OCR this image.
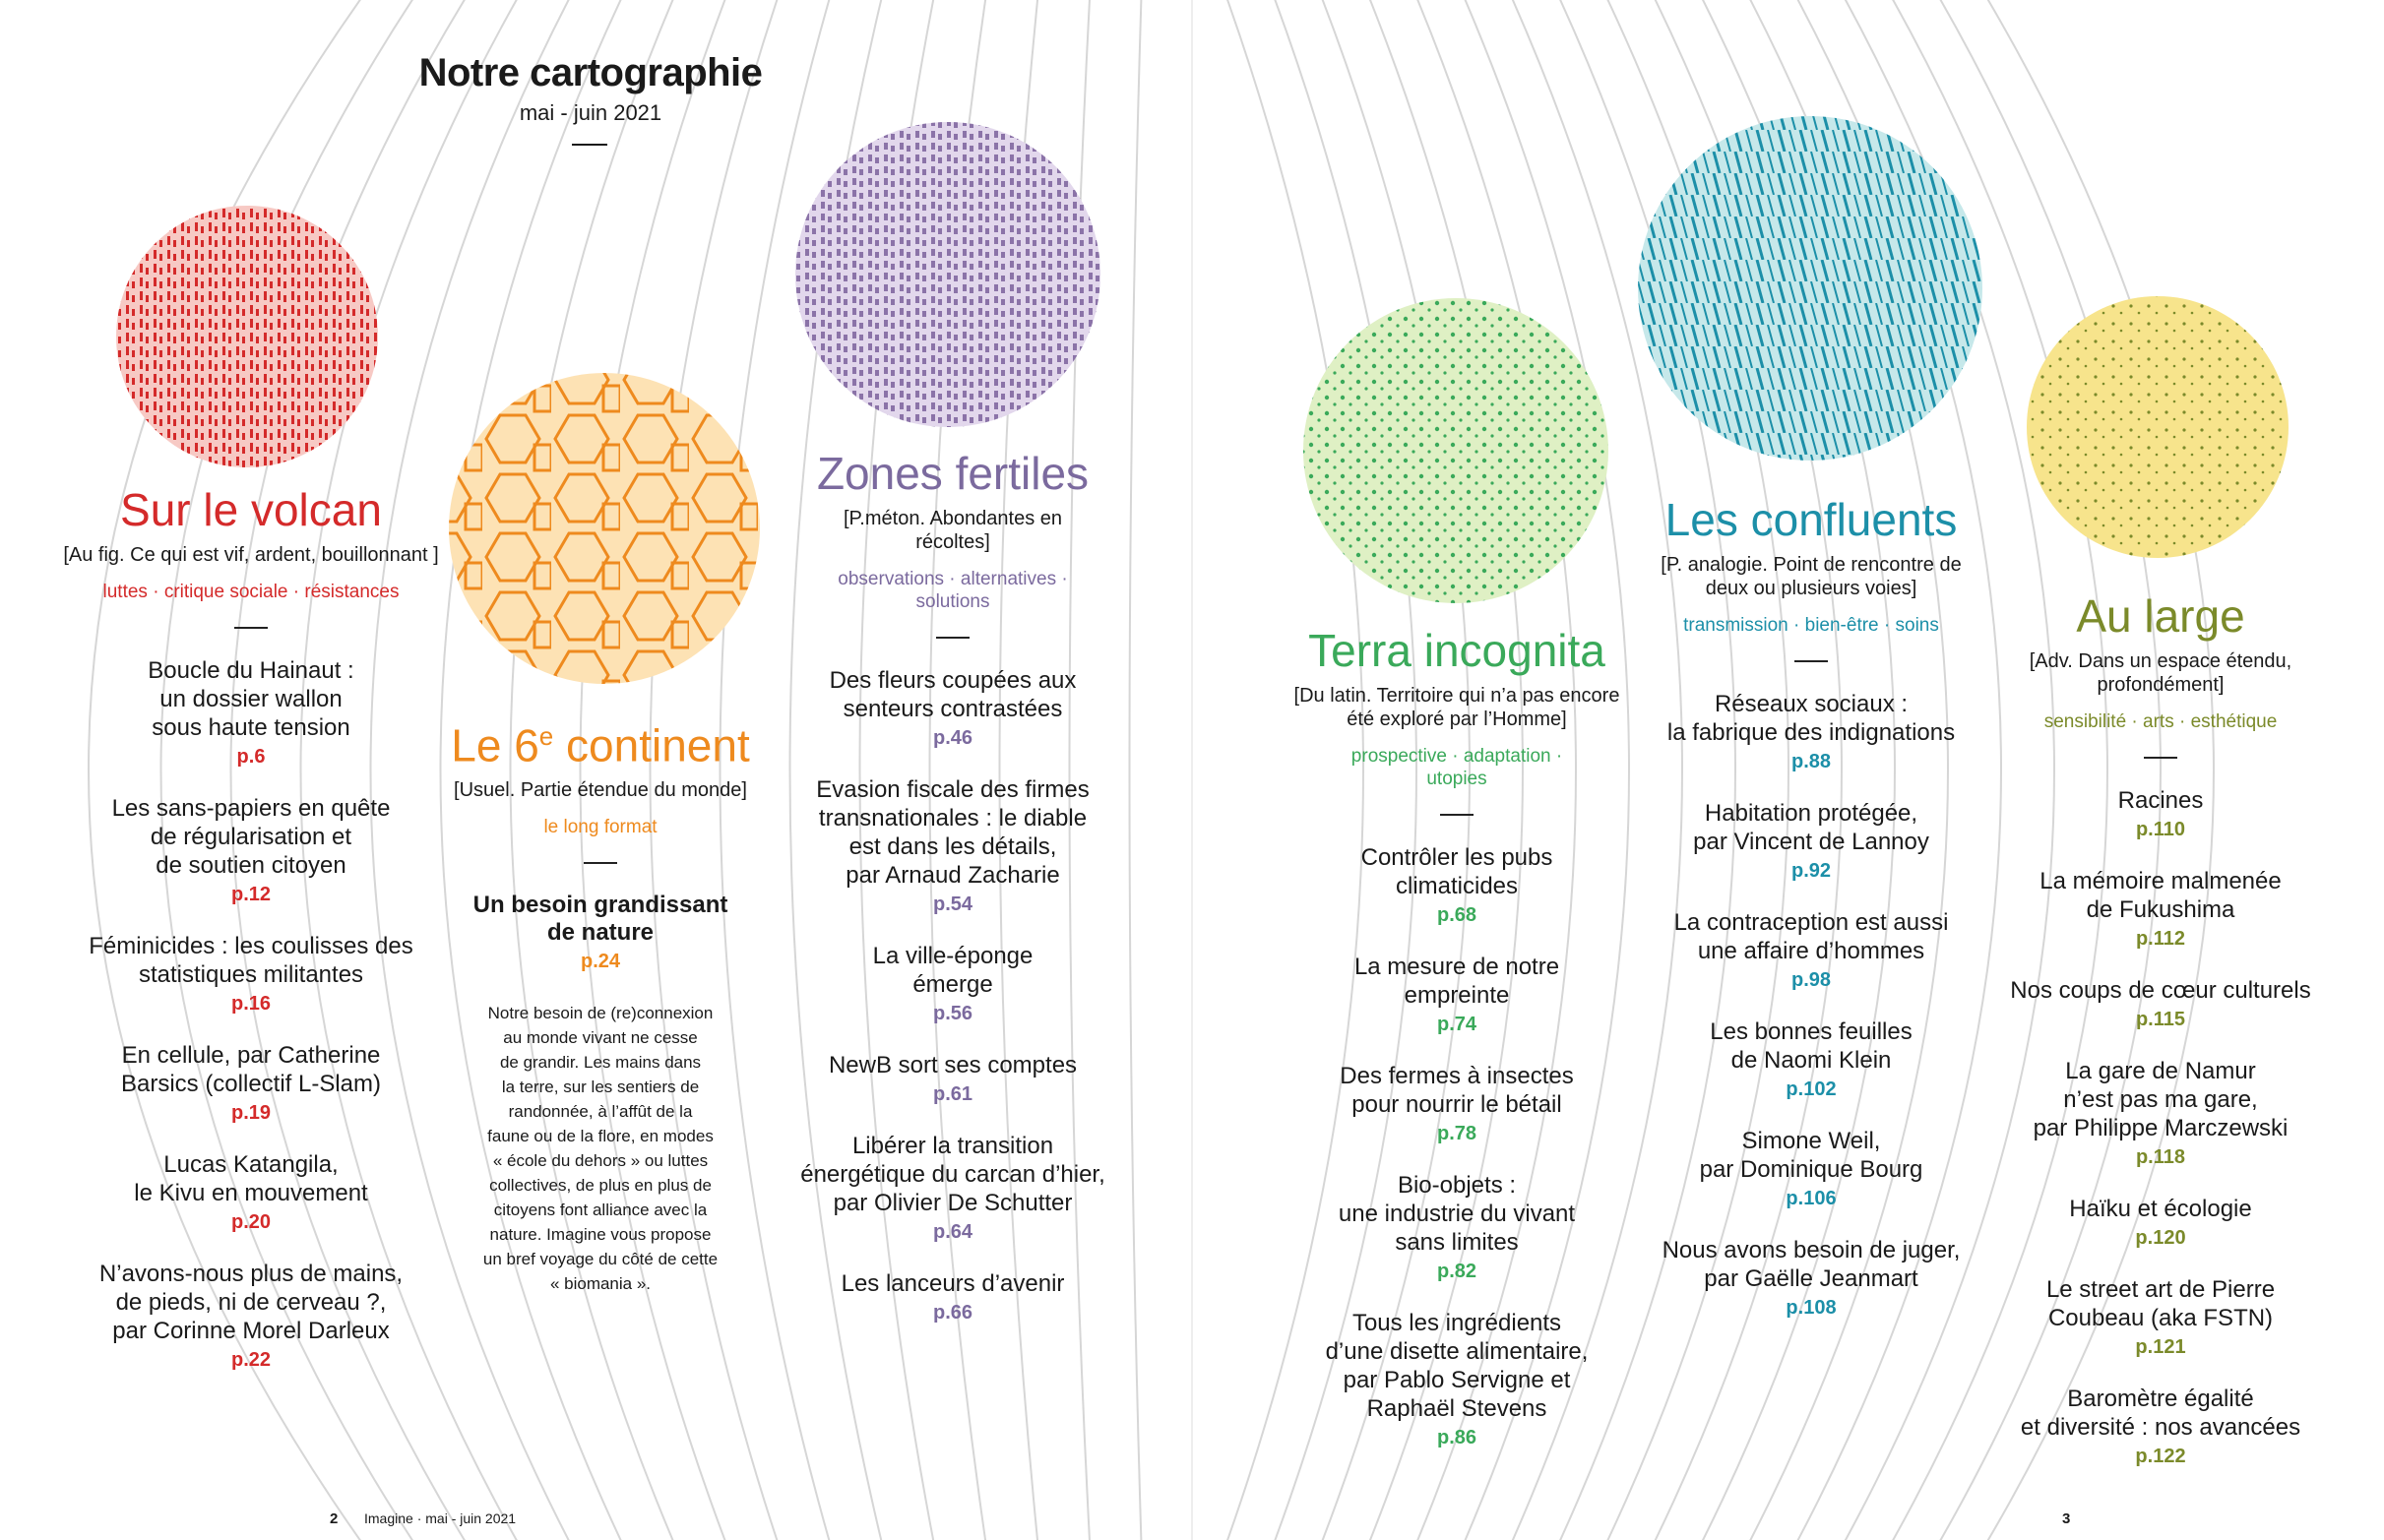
Notre cartographie
mai - juin 2021
Sur le volcan
[Au fig. Ce qui est vif, ardent, bouillonnant ]
luttes · critique sociale · résistances
Boucle du Hainaut :
un dossier wallon
sous haute tension
p.6
Les sans-papiers en quête
de régularisation et
de soutien citoyen
p.12
Féminicides : les coulisses des
statistiques militantes
p.16
En cellule, par Catherine
Barsics (collectif L-Slam)
p.19
Lucas Katangila,
le Kivu en mouvement
p.20
N’avons-nous plus de mains,
de pieds, ni de cerveau ?,
par Corinne Morel Darleux
p.22
Le 6e continent
[Usuel. Partie étendue du monde]
le long format
Un besoin grandissant
de nature
p.24
Notre besoin de (re)connexion
au monde vivant ne cesse
de grandir. Les mains dans
la terre, sur les sentiers de
randonnée, à l’affût de la
faune ou de la flore, en modes
« école du dehors » ou luttes
collectives, de plus en plus de
citoyens font alliance avec la
nature. Imagine vous propose
un bref voyage du côté de cette
« biomania ».
Zones fertiles
[P.méton. Abondantes en récoltes]
observations · alternatives · solutions
Des fleurs coupées aux
senteurs contrastées
p.46
Evasion fiscale des firmes
transnationales : le diable
est dans les détails,
par Arnaud Zacharie
p.54
La ville-éponge
émerge
p.56
NewB sort ses comptes
p.61
Libérer la transition
énergétique du carcan d’hier,
par Olivier De Schutter
p.64
Les lanceurs d’avenir
p.66
Terra incognita
[Du latin. Territoire qui n’a pas encore été exploré par l’Homme]
prospective · adaptation · utopies
Contrôler les pubs
climaticides
p.68
La mesure de notre
empreinte
p.74
Des fermes à insectes
pour nourrir le bétail
p.78
Bio-objets :
une industrie du vivant
sans limites
p.82
Tous les ingrédients
d’une disette alimentaire,
par Pablo Servigne et
Raphaël Stevens
p.86
Les confluents
[P. analogie. Point de rencontre de deux ou plusieurs voies]
transmission · bien-être · soins
Réseaux sociaux :
la fabrique des indignations
p.88
Habitation protégée,
par Vincent de Lannoy
p.92
La contraception est aussi
une affaire d’hommes
p.98
Les bonnes feuilles
de Naomi Klein
p.102
Simone Weil,
par Dominique Bourg
p.106
Nous avons besoin de juger,
par Gaëlle Jeanmart
p.108
Au large
[Adv. Dans un espace étendu, profondément]
sensibilité · arts · esthétique
Racines
p.110
La mémoire malmenée
de Fukushima
p.112
Nos coups de cœur culturels
p.115
La gare de Namur
n’est pas ma gare,
par Philippe Marczewski
p.118
Haïku et écologie
p.120
Le street art de Pierre
Coubeau (aka FSTN)
p.121
Baromètre égalité
et diversité : nos avancées
p.122
2 Imagine · mai - juin 2021	3
